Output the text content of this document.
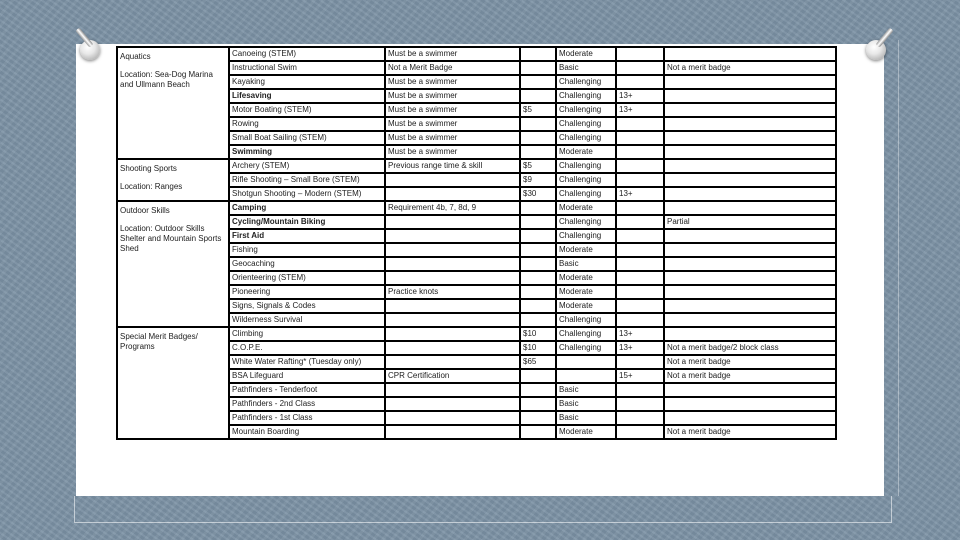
Aquatics
Location: Sea-Dog Marina and Ullmann Beach	Canoeing (STEM)	Must be a swimmer		Moderate		
	Instructional Swim	Not a Merit Badge		Basic		Not a merit badge
	Kayaking	Must be a swimmer		Challenging		
	Lifesaving	Must be a swimmer		Challenging	13+	
	Motor Boating (STEM)	Must be a swimmer	$5	Challenging	13+	
	Rowing	Must be a swimmer		Challenging		
	Small Boat Sailing (STEM)	Must be a swimmer		Challenging		
	Swimming	Must be a swimmer		Moderate		
Shooting Sports
Location: Ranges	Archery (STEM)	Previous range time & skill	$5	Challenging		
	Rifle Shooting – Small Bore (STEM)		$9	Challenging		
	Shotgun Shooting – Modern (STEM)		$30	Challenging	13+	
Outdoor Skills
Location: Outdoor Skills Shelter and Mountain Sports Shed	Camping	Requirement 4b, 7, 8d, 9		Moderate		
	Cycling/Mountain Biking			Challenging		Partial
	First Aid			Challenging		
	Fishing			Moderate		
	Geocaching			Basic		
	Orienteering (STEM)			Moderate		
	Pioneering	Practice knots		Moderate		
	Signs, Signals & Codes			Moderate		
	Wilderness Survival			Challenging		
Special Merit Badges/ Programs	Climbing		$10	Challenging	13+	
	C.O.P.E.		$10	Challenging	13+	Not a merit badge/2 block class
	White Water Rafting* (Tuesday only)		$65			Not a merit badge
	BSA Lifeguard	CPR Certification			15+	Not a merit badge
	Pathfinders - Tenderfoot			Basic		
	Pathfinders - 2nd Class			Basic		
	Pathfinders - 1st Class			Basic		
	Mountain Boarding			Moderate		Not a merit badge
